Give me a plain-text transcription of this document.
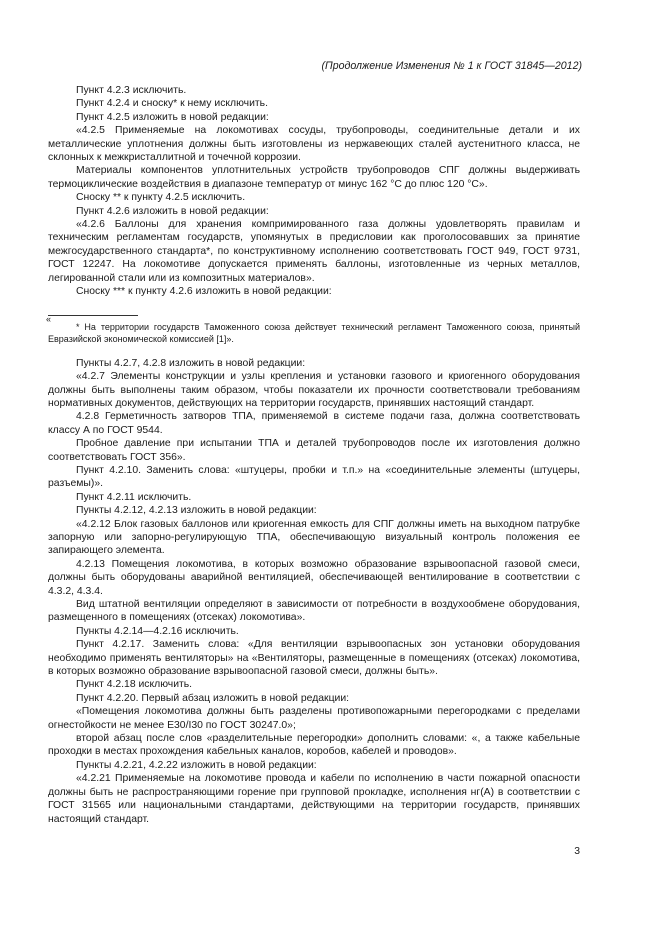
(Продолжение Изменения № 1 к ГОСТ 31845—2012)

Пункт 4.2.3 исключить.

Пункт 4.2.4 и сноску* к нему исключить.

Пункт 4.2.5 изложить в новой редакции:

«4.2.5 Применяемые на локомотивах сосуды, трубопроводы, соединительные детали и их металлические уплотнения должны быть изготовлены из нержавеющих сталей аустенитного класса, не склонных к межкристаллитной и точечной коррозии.

Материалы компонентов уплотнительных устройств трубопроводов СПГ должны выдерживать термоциклические воздействия в диапазоне температур от минус 162 °С до плюс 120 °С».

Сноску ** к пункту 4.2.5 исключить.

Пункт 4.2.6 изложить в новой редакции:

«4.2.6 Баллоны для хранения компримированного газа должны удовлетворять правилам и техническим регламентам государств, упомянутых в предисловии как проголосовавших за принятие межгосударственного стандарта*, по конструктивному исполнению соответствовать ГОСТ 949, ГОСТ 9731, ГОСТ 12247. На локомотиве допускается применять баллоны, изготовленные из черных металлов, легированной стали или из композитных материалов».

Сноску *** к пункту 4.2.6 изложить в новой редакции:

«

* На территории государств Таможенного союза действует технический регламент Таможенного союза, принятый Евразийской экономической комиссией [1]».

Пункты 4.2.7, 4.2.8 изложить в новой редакции:

«4.2.7 Элементы конструкции и узлы крепления и установки газового и криогенного оборудования должны быть выполнены таким образом, чтобы показатели их прочности соответствовали требованиям нормативных документов, действующих на территории государств, принявших настоящий стандарт.

4.2.8 Герметичность затворов ТПА, применяемой в системе подачи газа, должна соответствовать классу А по ГОСТ 9544.

Пробное давление при испытании ТПА и деталей трубопроводов после их изготовления должно соответствовать ГОСТ 356».

Пункт 4.2.10. Заменить слова: «штуцеры, пробки и т.п.» на «соединительные элементы (штуцеры, разъемы)».

Пункт 4.2.11 исключить.

Пункты 4.2.12, 4.2.13 изложить в новой редакции:

«4.2.12 Блок газовых баллонов или криогенная емкость для СПГ должны иметь на выходном патрубке запорную или запорно-регулирующую ТПА, обеспечивающую визуальный контроль положения ее запирающего элемента.

4.2.13 Помещения локомотива, в которых возможно образование взрывоопасной газовой смеси, должны быть оборудованы аварийной вентиляцией, обеспечивающей вентилирование в соответствии с 4.3.2, 4.3.4.

Вид штатной вентиляции определяют в зависимости от потребности в воздухообмене оборудования, размещенного в помещениях (отсеках) локомотива».

Пункты 4.2.14—4.2.16 исключить.

Пункт 4.2.17. Заменить слова: «Для вентиляции взрывоопасных зон установки оборудования необходимо применять вентиляторы» на «Вентиляторы, размещенные в помещениях (отсеках) локомотива, в которых возможно образование взрывоопасной газовой смеси, должны быть».

Пункт 4.2.18 исключить.

Пункт 4.2.20. Первый абзац изложить в новой редакции:

«Помещения локомотива должны быть разделены противопожарными перегородками с пределами огнестойкости не менее Е30/I30 по ГОСТ 30247.0»;

второй абзац после слов «разделительные перегородки» дополнить словами: «, а также кабельные проходки в местах прохождения кабельных каналов, коробов, кабелей и проводов».

Пункты 4.2.21, 4.2.22 изложить в новой редакции:

«4.2.21 Применяемые на локомотиве провода и кабели по исполнению в части пожарной опасности должны быть не распространяющими горение при групповой прокладке, исполнения нг(А) в соответствии с ГОСТ 31565 или национальными стандартами, действующими на территории государств, принявших настоящий стандарт.

3
